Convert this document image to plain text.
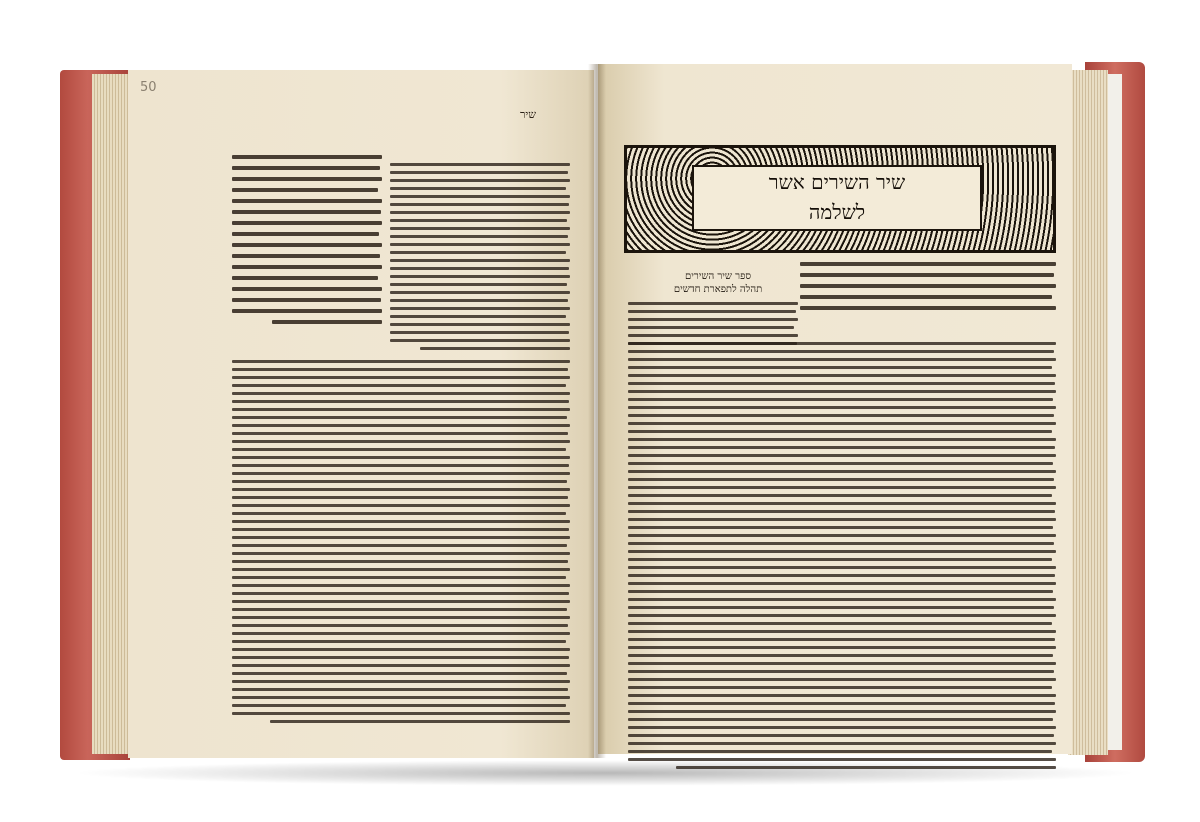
50
שיר
שיר השירים אשר
לשלמה
ספר שיר השירים
תהלה לתפארת חדשים
